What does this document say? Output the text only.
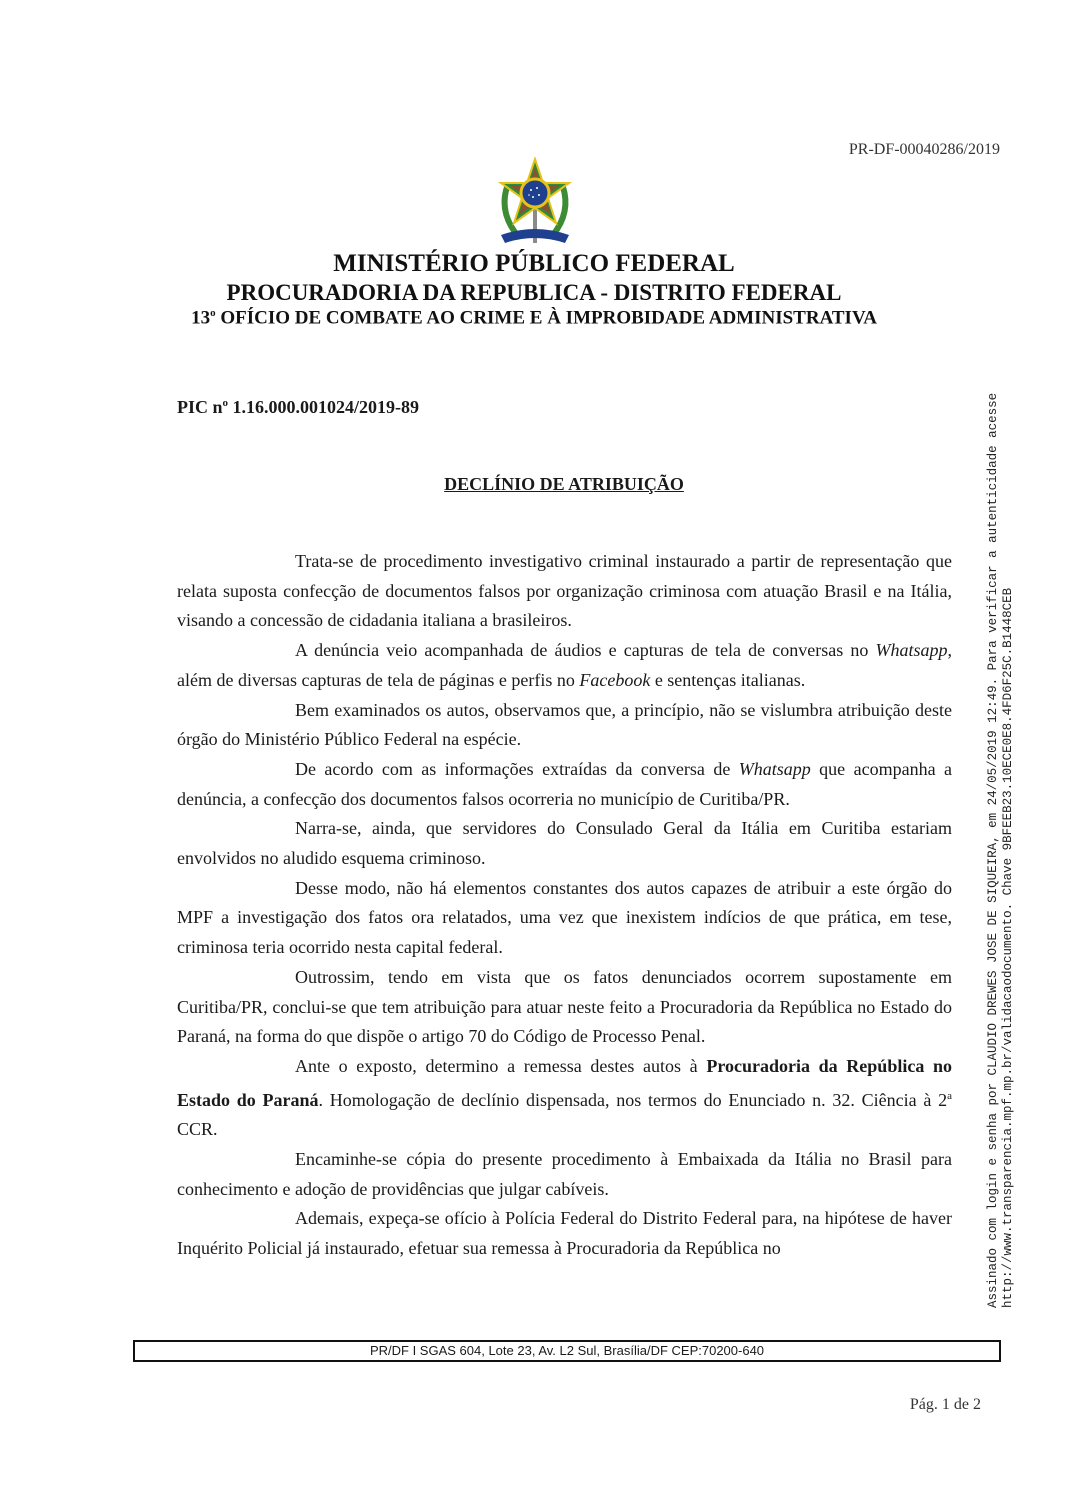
PR-DF-00040286/2019
MINISTÉRIO PÚBLICO FEDERAL
PROCURADORIA DA REPUBLICA - DISTRITO FEDERAL
13$^o$ OFÍCIO DE COMBATE AO CRIME E À IMPROBIDADE ADMINISTRATIVA
PIC $n^o$ 1.16.000.001024/2019-89
DECLÍNIO DE ATRIBUIÇÃO

Trata-se de procedimento investigativo criminal instaurado a partir de representação que relata suposta confecção de documentos falsos por organização criminosa com atuação Brasil e na Itália, visando a concessão de cidadania italiana a brasileiros.

A denúncia veio acompanhada de áudios e capturas de tela de conversas no Whatsapp, além de diversas capturas de tela de páginas e perfis no Facebook e sentenças italianas.

Bem examinados os autos, observamos que, a princípio, não se vislumbra atribuição deste órgão do Ministério Público Federal na espécie.

De acordo com as informações extraídas da conversa de Whatsapp que acompanha a denúncia, a confecção dos documentos falsos ocorreria no município de Curitiba/PR.

Narra-se, ainda, que servidores do Consulado Geral da Itália em Curitiba estariam envolvidos no aludido esquema criminoso.

Desse modo, não há elementos constantes dos autos capazes de atribuir a este órgão do MPF a investigação dos fatos ora relatados, uma vez que inexistem indícios de que prática, em tese, criminosa teria ocorrido nesta capital federal.

Outrossim, tendo em vista que os fatos denunciados ocorrem supostamente em Curitiba/PR, conclui-se que tem atribuição para atuar neste feito a Procuradoria da República no Estado do Paraná, na forma do que dispõe o artigo 70 do Código de Processo Penal.

Ante o exposto, determino a remessa destes autos à Procuradoria da República no Estado do Paraná. Homologação de declínio dispensada, nos termos do Enunciado n. 32. Ciência à 2$^a$ CCR.

Encaminhe-se cópia do presente procedimento à Embaixada da Itália no Brasil para conhecimento e adoção de providências que julgar cabíveis.

Ademais, expeça-se ofício à Polícia Federal do Distrito Federal para, na hipótese de haver Inquérito Policial já instaurado, efetuar sua remessa à Procuradoria da República no	Assinado com login e senha por CLAUDIO DREWES JOSE DE SIQUEIRA, em 24/05/2019 12:49. Para verificar a autenticidade acesse http://www.transparencia.mpf.mp.br/validacaodocumento. Chave 9BFEEB23.10ECE0E8.4FD6F25C.B1448CEB
PR/DF I SGAS 604, Lote 23, Av. L2 Sul, Brasília/DF CEP:70200-640
Pág. 1 de 2
